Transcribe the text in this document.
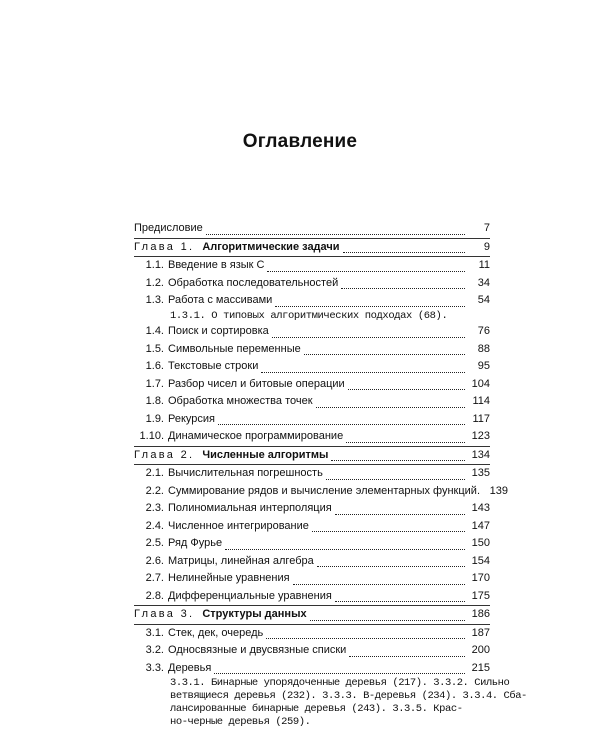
Оглавление
Предисловие	7
Глава 1. Алгоритмические задачи	9
1.1. Введение в язык C	11
1.2. Обработка последовательностей	34
1.3. Работа с массивами	54
1.3.1. О типовых алгоритмических подходах (68).
1.4. Поиск и сортировка	76
1.5. Символьные переменные	88
1.6. Текстовые строки	95
1.7. Разбор чисел и битовые операции	104
1.8. Обработка множества точек	114
1.9. Рекурсия	117
1.10. Динамическое программирование	123
Глава 2. Численные алгоритмы	134
2.1. Вычислительная погрешность	135
2.2. Суммирование рядов и вычисление элементарных функций. 139
2.3. Полиномиальная интерполяция	143
2.4. Численное интегрирование	147
2.5. Ряд Фурье	150
2.6. Матрицы, линейная алгебра	154
2.7. Нелинейные уравнения	170
2.8. Дифференциальные уравнения	175
Глава 3. Структуры данных	186
3.1. Стек, дек, очередь	187
3.2. Односвязные и двусвязные списки	200
3.3. Деревья	215
3.3.1. Бинарные упорядоченные деревья (217). 3.3.2. Сильно
ветвящиеся деревья (232). 3.3.3. B-деревья (234). 3.3.4. Сба-
лансированные бинарные деревья (243). 3.3.5. Крас-
но-черные деревья (259).
